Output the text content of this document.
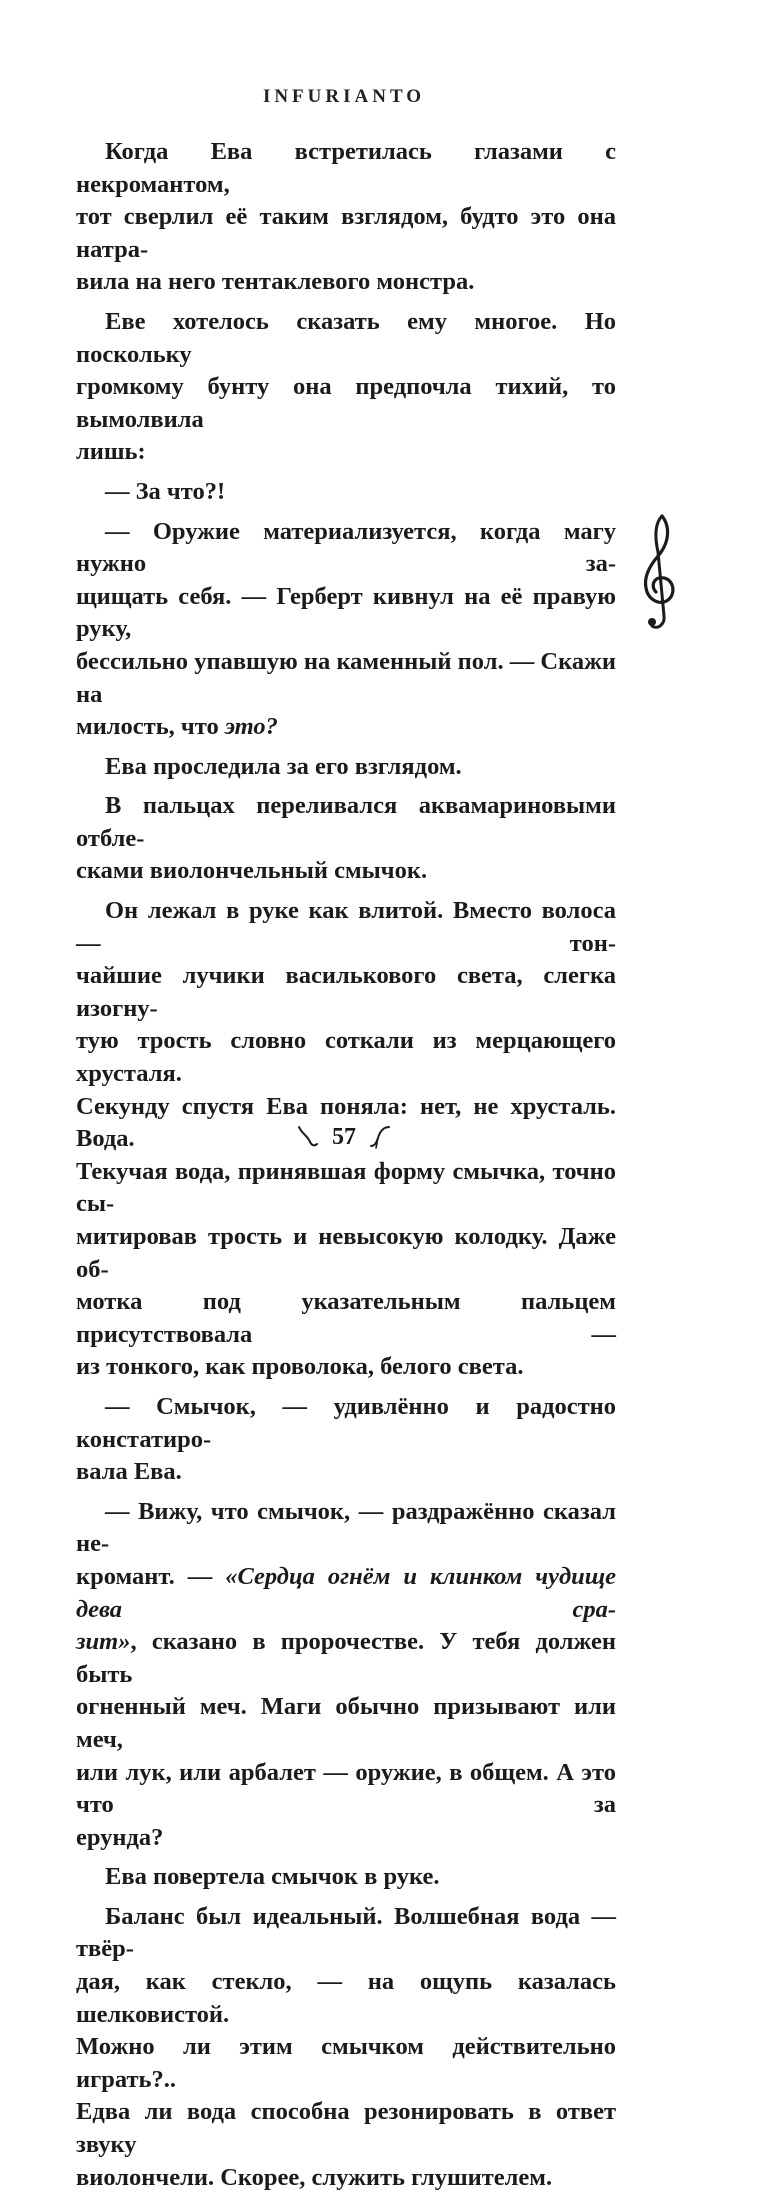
INFURIANTO

Когда Ева встретилась глазами с некромантом,
тот сверлил её таким взглядом, будто это она натра-
вила на него тентаклевого монстра.

Еве хотелось сказать ему многое. Но поскольку
громкому бунту она предпочла тихий, то вымолвила
лишь:

— За что?!

— Оружие материализуется, когда магу нужно за-
щищать себя. — Герберт кивнул на её правую руку,
бессильно упавшую на каменный пол. — Скажи на
милость, что это?

Ева проследила за его взглядом.

В пальцах переливался аквамариновыми отбле-
сками виолончельный смычок.

Он лежал в руке как влитой. Вместо волоса — тон-
чайшие лучики василькового света, слегка изогну-
тую трость словно соткали из мерцающего хрусталя.
Секунду спустя Ева поняла: нет, не хрусталь. Вода.
Текучая вода, принявшая форму смычка, точно сы-
митировав трость и невысокую колодку. Даже об-
мотка под указательным пальцем присутствовала —
из тонкого, как проволока, белого света.

— Смычок, — удивлённо и радостно констатиро-
вала Ева.

— Вижу, что смычок, — раздражённо сказал не-
кромант. — «Сердца огнём и клинком чудище дева сра-
зит», сказано в пророчестве. У тебя должен быть
огненный меч. Маги обычно призывают или меч,
или лук, или арбалет — оружие, в общем. А это что за
ерунда?

Ева повертела смычок в руке.

Баланс был идеальный. Волшебная вода — твёр-
дая, как стекло, — на ощупь казалась шелковистой.
Можно ли этим смычком действительно играть?..
Едва ли вода способна резонировать в ответ звуку
виолончели. Скорее, служить глушителем.

57
